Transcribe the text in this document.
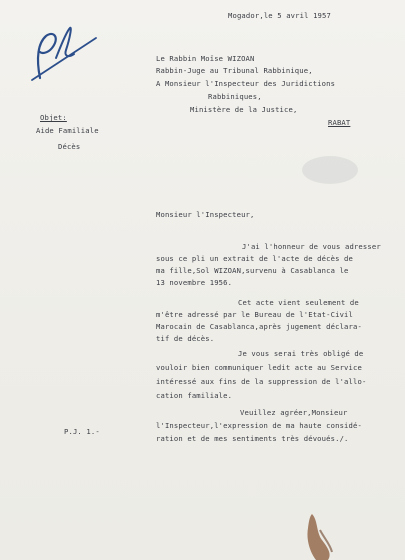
Mogador,le 5 avril 1957
Le Rabbin Moïse WIZOAN
Rabbin-Juge au Tribunal Rabbinique,
A Monsieur l'Inspecteur des Juridictions
Rabbiniques,
Ministère de la Justice,
RABAT
Objet:
Aide Familiale
Décès
Monsieur l'Inspecteur,
J'ai l'honneur de vous adresser
sous ce pli un extrait de l'acte de décès de
ma fille,Sol WIZOAN,survenu à Casablanca le
13 novembre 1956.
Cet acte vient seulement de
m'être adressé par le Bureau de l'Etat-Civil
Marocain de Casablanca,après jugement déclara-
tif de décès.
Je vous serai très obligé de
vouloir bien communiquer ledit acte au Service
intéressé aux fins de la suppression de l'allo-
cation familiale.
Veuillez agréer,Monsieur
l'Inspecteur,l'expression de ma haute considé-
ration et de mes sentiments très dévoués./.
P.J. 1.-
